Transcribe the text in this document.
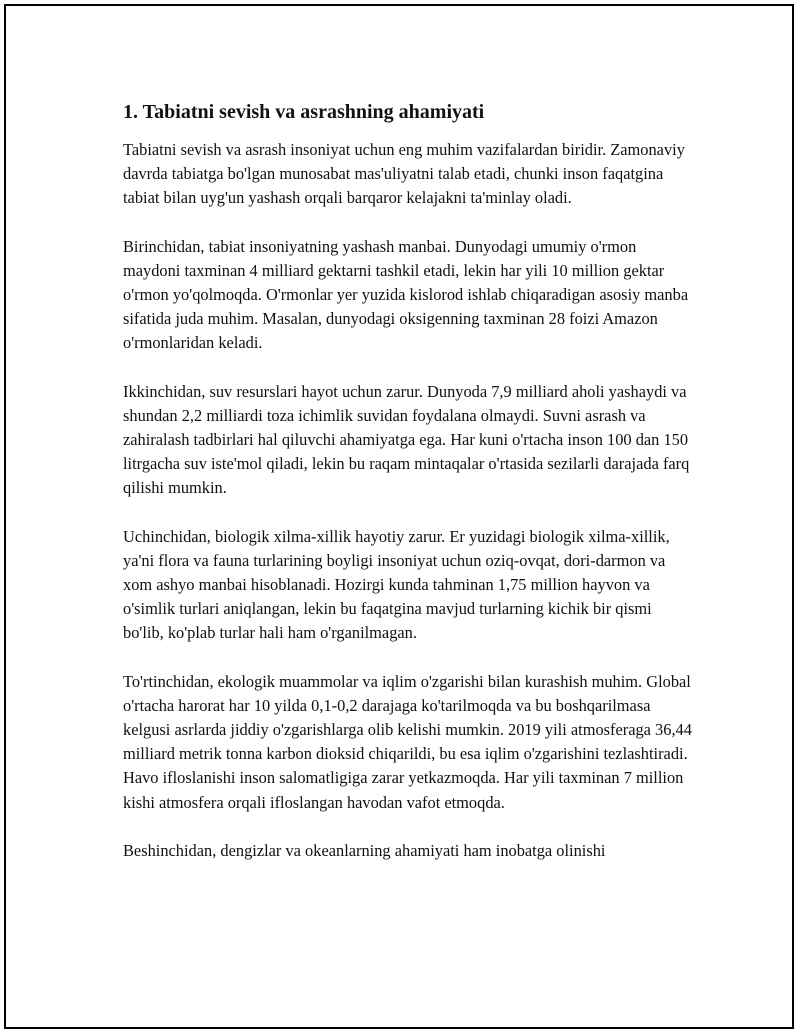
1. Tabiatni sevish va asrashning ahamiyati

Tabiatni sevish va asrash insoniyat uchun eng muhim vazifalardan biridir. Zamonaviy davrda tabiatga bo'lgan munosabat mas'uliyatni talab etadi, chunki inson faqatgina tabiat bilan uyg'un yashash orqali barqaror kelajakni ta'minlay oladi.

Birinchidan, tabiat insoniyatning yashash manbai. Dunyodagi umumiy o'rmon maydoni taxminan 4 milliard gektarni tashkil etadi, lekin har yili 10 million gektar o'rmon yo'qolmoqda. O'rmonlar yer yuzida kislorod ishlab chiqaradigan asosiy manba sifatida juda muhim. Masalan, dunyodagi oksigenning taxminan 28 foizi Amazon o'rmonlaridan keladi.

Ikkinchidan, suv resurslari hayot uchun zarur. Dunyoda 7,9 milliard aholi yashaydi va shundan 2,2 milliardi toza ichimlik suvidan foydalana olmaydi. Suvni asrash va zahiralash tadbirlari hal qiluvchi ahamiyatga ega. Har kuni o'rtacha inson 100 dan 150 litrgacha suv iste'mol qiladi, lekin bu raqam mintaqalar o'rtasida sezilarli darajada farq qilishi mumkin.

Uchinchidan, biologik xilma-xillik hayotiy zarur. Er yuzidagi biologik xilma-xillik, ya'ni flora va fauna turlarining boyligi insoniyat uchun oziq-ovqat, dori-darmon va xom ashyo manbai hisoblanadi. Hozirgi kunda tahminan 1,75 million hayvon va o'simlik turlari aniqlangan, lekin bu faqatgina mavjud turlarning kichik bir qismi bo'lib, ko'plab turlar hali ham o'rganilmagan.

To'rtinchidan, ekologik muammolar va iqlim o'zgarishi bilan kurashish muhim. Global o'rtacha harorat har 10 yilda 0,1-0,2 darajaga ko'tarilmoqda va bu boshqarilmasa kelgusi asrlarda jiddiy o'zgarishlarga olib kelishi mumkin. 2019 yili atmosferaga 36,44 milliard metrik tonna karbon dioksid chiqarildi, bu esa iqlim o'zgarishini tezlashtiradi. Havo ifloslanishi inson salomatligiga zarar yetkazmoqda. Har yili taxminan 7 million kishi atmosfera orqali ifloslangan havodan vafot etmoqda.

Beshinchidan, dengizlar va okeanlarning ahamiyati ham inobatga olinishi
